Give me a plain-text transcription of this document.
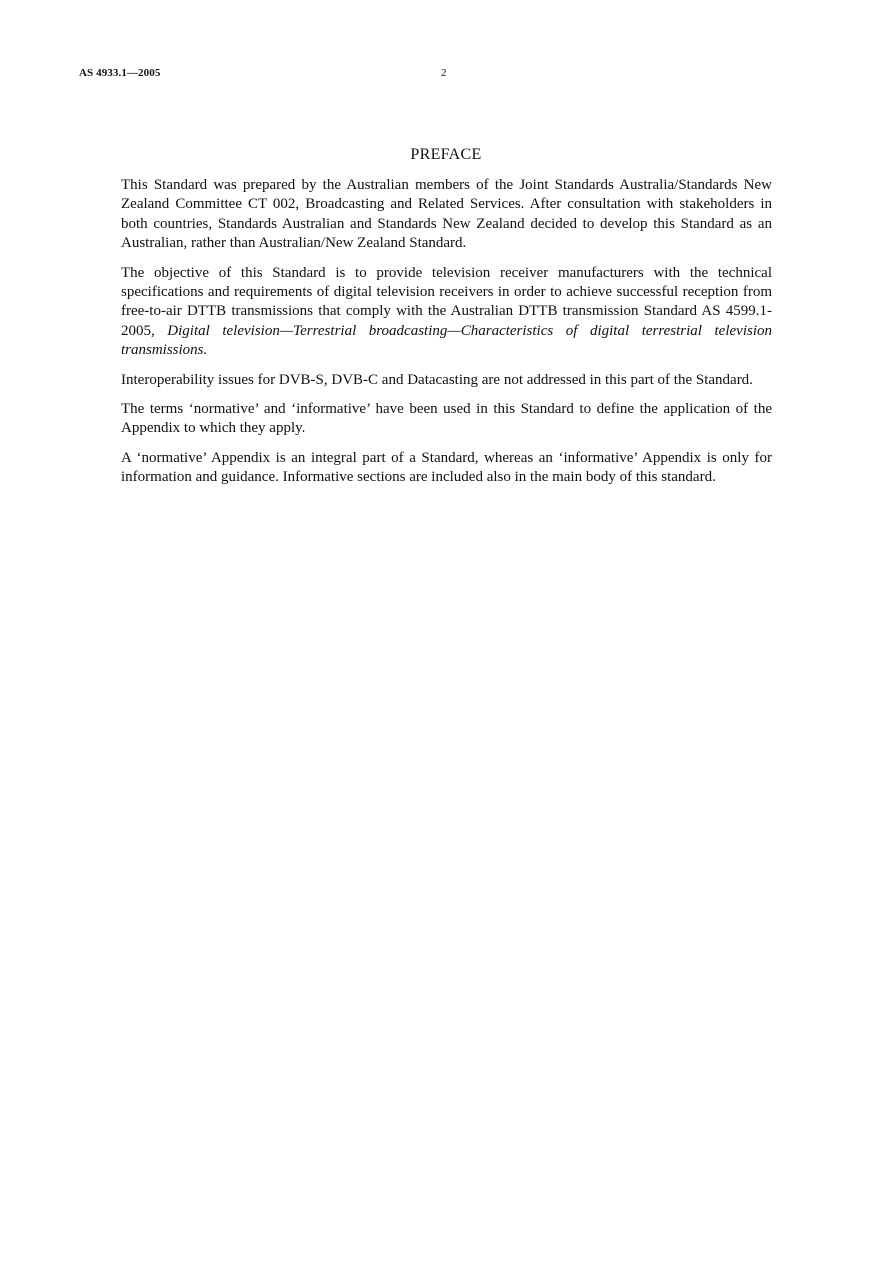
AS 4933.1—2005	2
PREFACE

This Standard was prepared by the Australian members of the Joint Standards Australia/Standards New Zealand Committee CT 002, Broadcasting and Related Services. After consultation with stakeholders in both countries, Standards Australian and Standards New Zealand decided to develop this Standard as an Australian, rather than Australian/New Zealand Standard.

The objective of this Standard is to provide television receiver manufacturers with the technical specifications and requirements of digital television receivers in order to achieve successful reception from free-to-air DTTB transmissions that comply with the Australian DTTB transmission Standard AS 4599.1-2005, Digital television—Terrestrial broadcasting—Characteristics of digital terrestrial television transmissions.

Interoperability issues for DVB-S, DVB-C and Datacasting are not addressed in this part of the Standard.

The terms ‘normative’ and ‘informative’ have been used in this Standard to define the application of the Appendix to which they apply.

A ‘normative’ Appendix is an integral part of a Standard, whereas an ‘informative’ Appendix is only for information and guidance. Informative sections are included also in the main body of this standard.
